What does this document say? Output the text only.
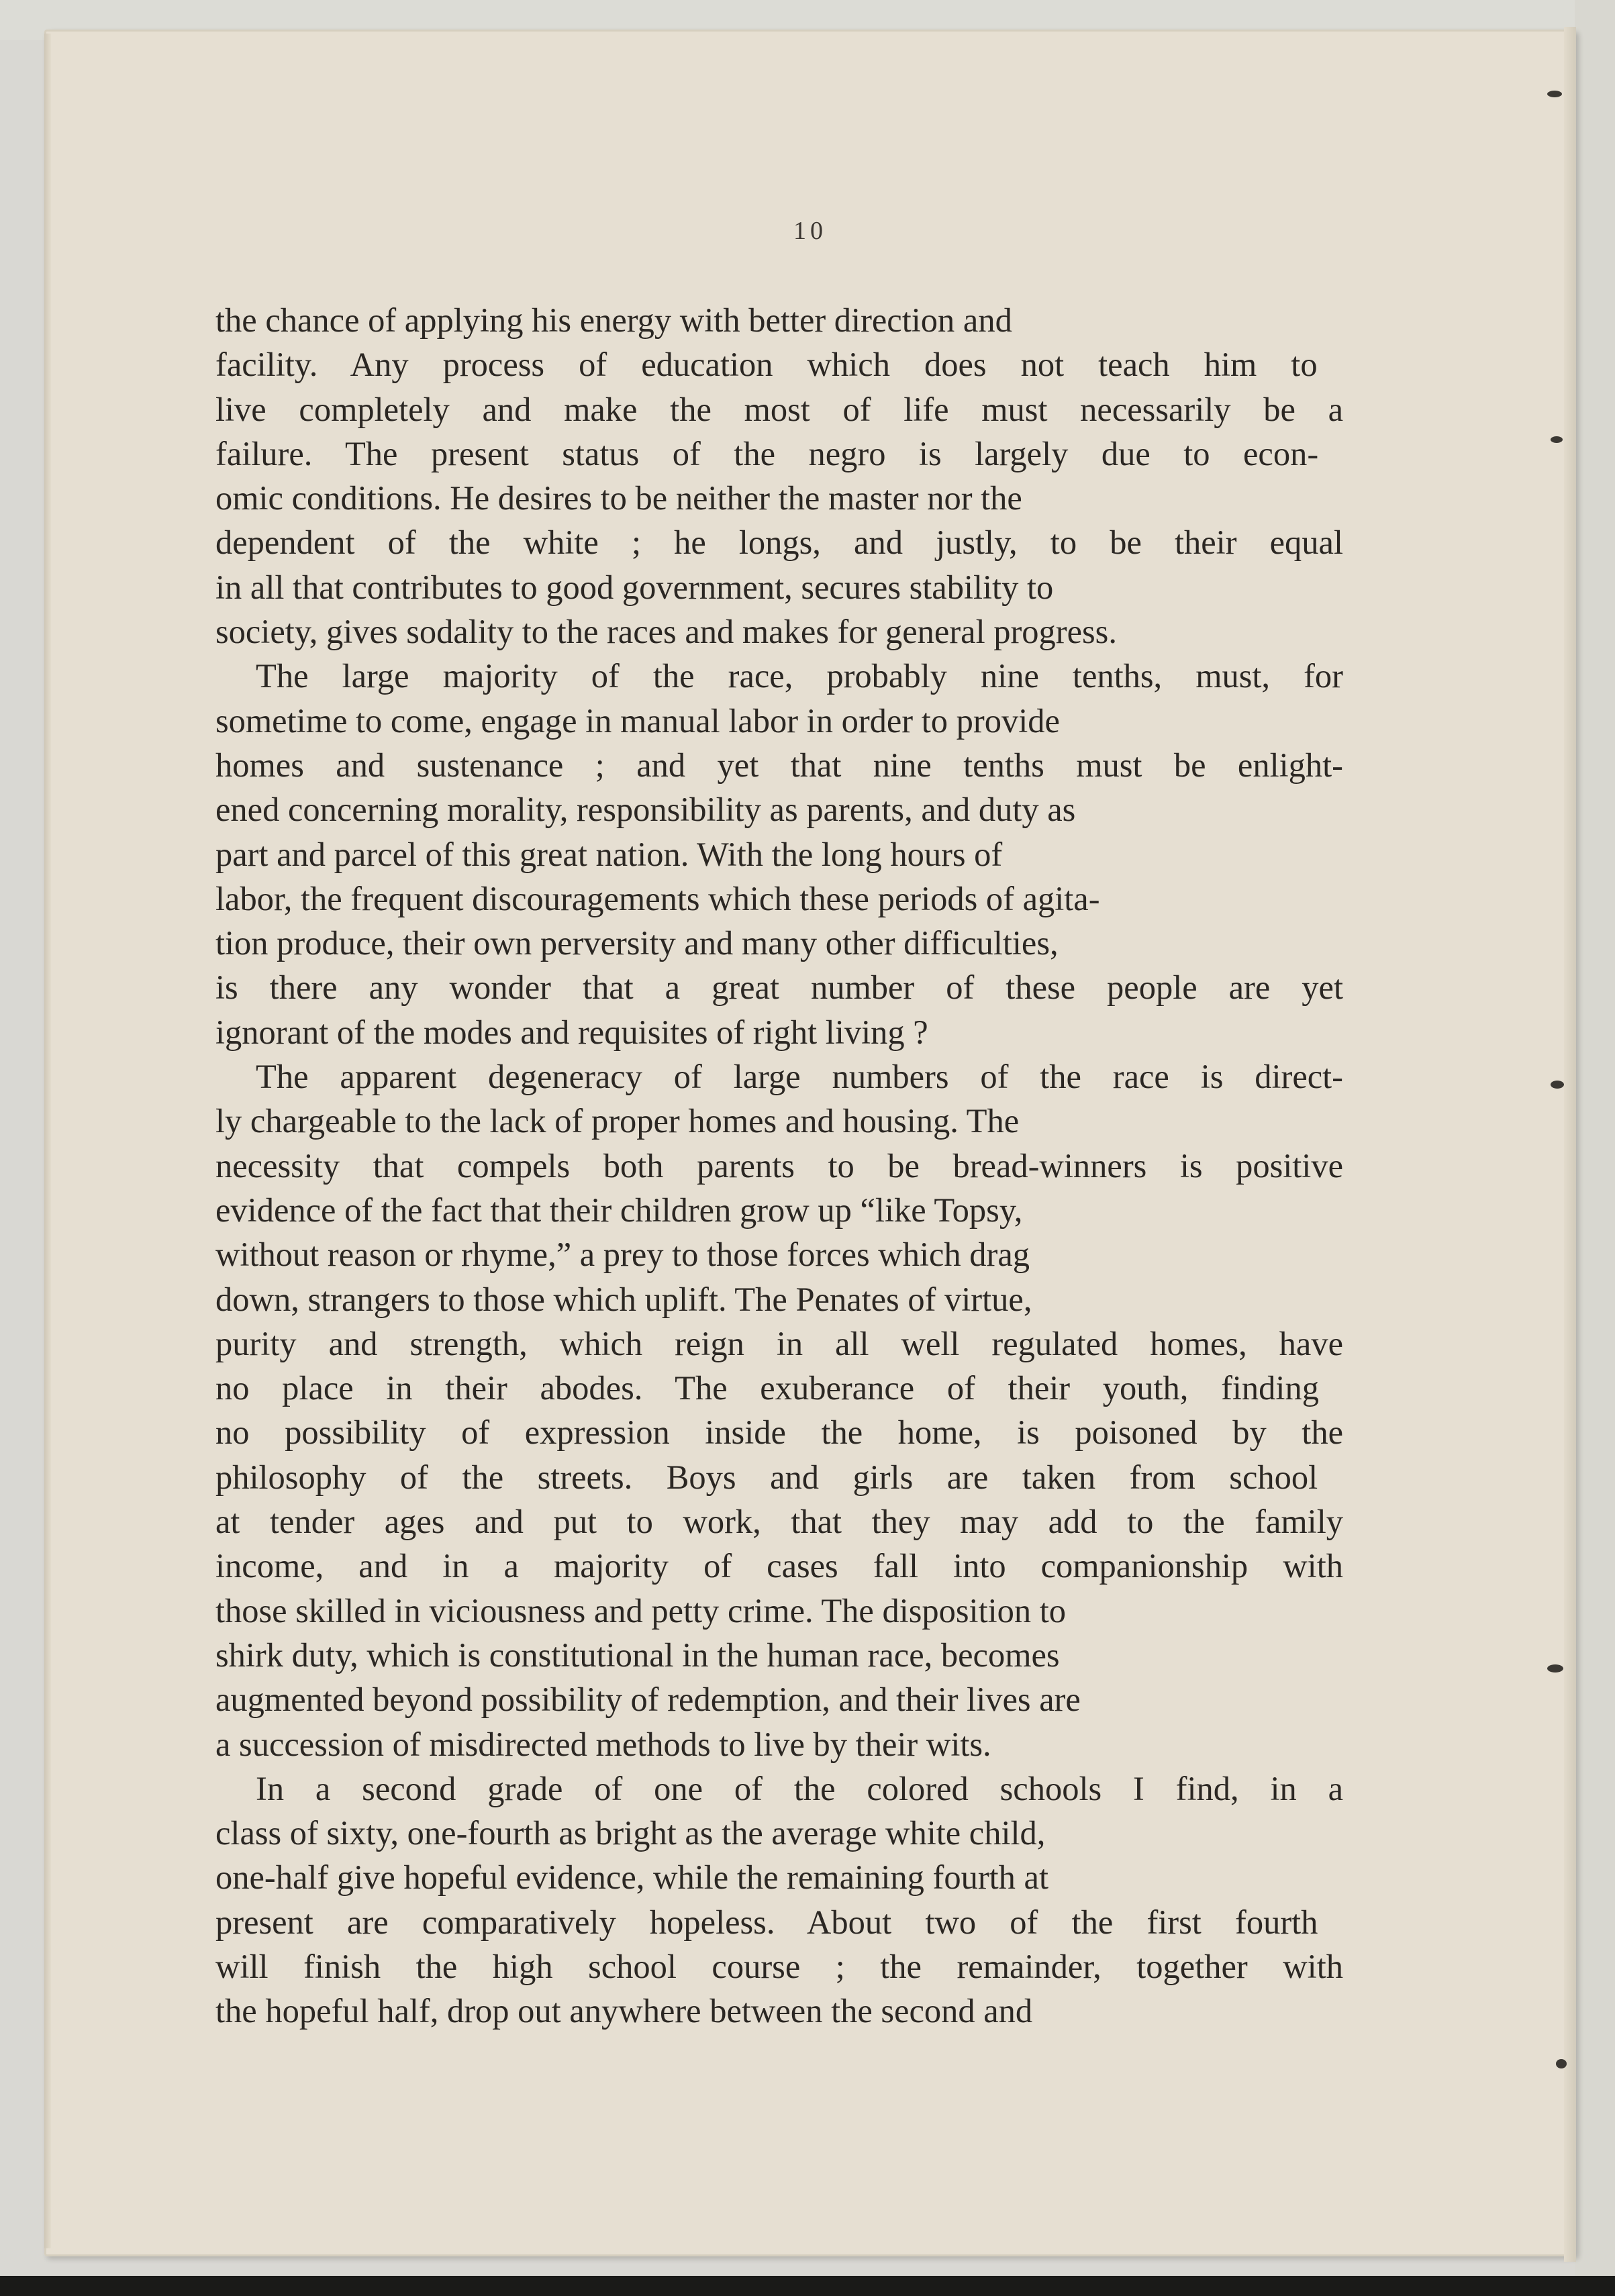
10
the chance of applying his energy with better direction and
facility. Any process of education which does not teach him to
live completely and make the most of life must necessarily be a
failure. The present status of the negro is largely due to econ-
omic conditions. He desires to be neither the master nor the
dependent of the white ; he longs, and justly, to be their equal
in all that contributes to good government, secures stability to
society, gives sodality to the races and makes for general progress.
The large majority of the race, probably nine tenths, must, for
sometime to come, engage in manual labor in order to provide
homes and sustenance ; and yet that nine tenths must be enlight-
ened concerning morality, responsibility as parents, and duty as
part and parcel of this great nation. With the long hours of
labor, the frequent discouragements which these periods of agita-
tion produce, their own perversity and many other difficulties,
is there any wonder that a great number of these people are yet
ignorant of the modes and requisites of right living ?
The apparent degeneracy of large numbers of the race is direct-
ly chargeable to the lack of proper homes and housing. The
necessity that compels both parents to be bread-winners is positive
evidence of the fact that their children grow up “like Topsy,
without reason or rhyme,” a prey to those forces which drag
down, strangers to those which uplift. The Penates of virtue,
purity and strength, which reign in all well regulated homes, have
no place in their abodes. The exuberance of their youth, finding
no possibility of expression inside the home, is poisoned by the
philosophy of the streets. Boys and girls are taken from school
at tender ages and put to work, that they may add to the family
income, and in a majority of cases fall into companionship with
those skilled in viciousness and petty crime. The disposition to
shirk duty, which is constitutional in the human race, becomes
augmented beyond possibility of redemption, and their lives are
a succession of misdirected methods to live by their wits.
In a second grade of one of the colored schools I find, in a
class of sixty, one-fourth as bright as the average white child,
one-half give hopeful evidence, while the remaining fourth at
present are comparatively hopeless. About two of the first fourth
will finish the high school course ; the remainder, together with
the hopeful half, drop out anywhere between the second and
